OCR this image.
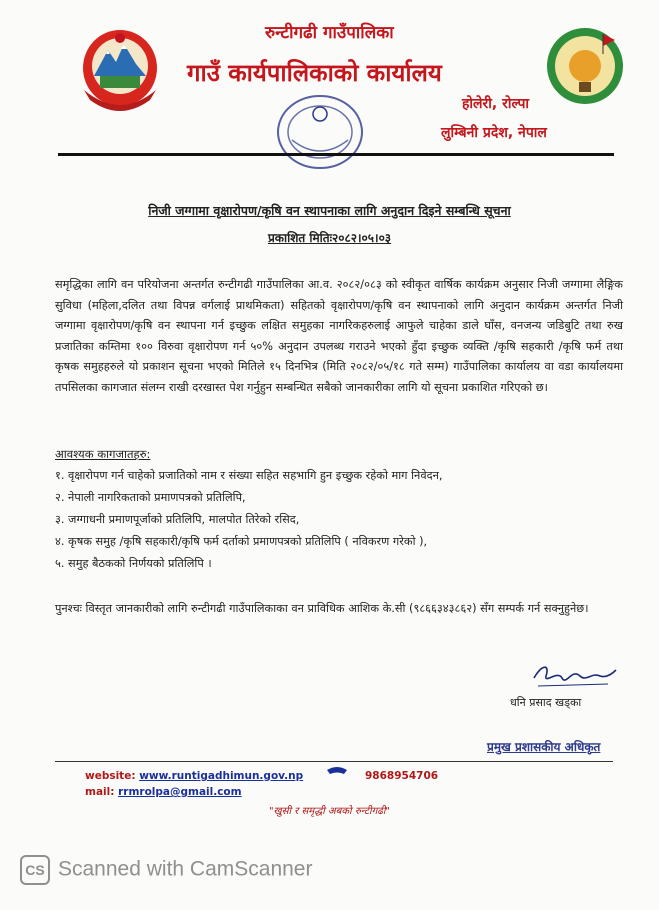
रुन्टीगढी गाउँपालिका
गाउँ कार्यपालिकाको कार्यालय
होलेरी, रोल्पा
लुम्बिनी प्रदेश, नेपाल
निजी जग्गामा वृक्षारोपण/कृषि वन स्थापनाका लागि अनुदान दिइने सम्बन्धि सूचना
प्रकाशित मितिः२०८२।०५।०३
समृद्धिका लागि वन परियोजना अन्तर्गत रुन्टीगढी गाउँपालिका आ.व. २०८२/०८३ को स्वीकृत वार्षिक कार्यक्रम अनुसार निजी जग्गामा लैङ्गिक सुविधा (महिला,दलित तथा विपन्न वर्गलाई प्राथमिकता) सहितको वृक्षारोपण/कृषि वन स्थापनाको लागि अनुदान कार्यक्रम अन्तर्गत निजी जग्गामा वृक्षारोपण/कृषि वन स्थापना गर्न इच्छुक लक्षित समुहका नागरिकहरुलाई आफुले चाहेका डाले घाँस, वनजन्य जडिबुटि तथा रुख प्रजातिका कम्तिमा १०० विरुवा वृक्षारोपण गर्न ५०% अनुदान उपलब्ध गराउने भएको हुँदा इच्छुक व्यक्ति /कृषि सहकारी /कृषि फर्म तथा कृषक समुहहरुले यो प्रकाशन सूचना भएको मितिले १५ दिनभित्र (मिति २०८२/०५/१८ गते सम्म) गाउँपालिका कार्यालय वा वडा कार्यालयमा तपसिलका कागजात संलग्न राखी दरखास्त पेश गर्नुहुन सम्बन्धित सबैको जानकारीका लागि यो सूचना प्रकाशित गरिएको छ।
आवश्यक कागजातहरु:
१. वृक्षारोपण गर्न चाहेको प्रजातिको नाम र संख्या सहित सहभागि हुन इच्छुक रहेको माग निवेदन,
२. नेपाली नागरिकताको प्रमाणपत्रको प्रतिलिपि,
३. जग्गाधनी प्रमाणपूर्जाको प्रतिलिपि, मालपोत तिरेको रसिद,
४. कृषक समुह /कृषि सहकारी/कृषि फर्म दर्ताको प्रमाणपत्रको प्रतिलिपि ( नविकरण गरेको ),
५. समुह बैठकको निर्णयको प्रतिलिपि ।
पुनश्चः विस्तृत जानकारीको लागि रुन्टीगढी गाउँपालिकाका वन प्राविधिक आशिक के.सी (९८६६३४३८६२) सँग सम्पर्क गर्न सक्नुहुनेछ।
धनि प्रसाद खड्का
प्रमुख प्रशासकीय अधिकृत
website: www.runtigadhimun.gov.np
mail: rrmrolpa@gmail.com
9868954706
"खुसी र समृद्धी अबको रुन्टीगढी"
CS Scanned with CamScanner
